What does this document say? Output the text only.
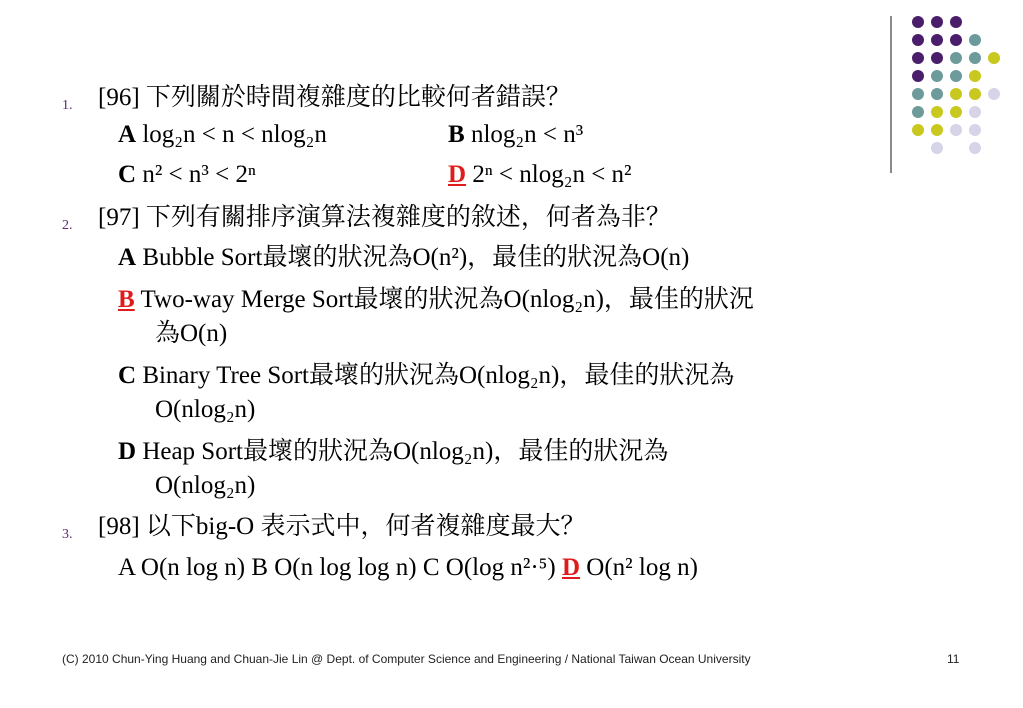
1. [96] 下列關於時間複雜度的比較何者錯誤？
A log₂n < n < nlog₂n	B nlog₂n < n³
C n² < n³ < 2ⁿ	D 2ⁿ < nlog₂n < n²
2. [97] 下列有關排序演算法複雜度的敘述，何者為非？
A Bubble Sort最壞的狀況為O(n²)，最佳的狀況為O(n)
B Two-way Merge Sort最壞的狀況為O(nlog₂n)，最佳的狀況
為O(n)
C Binary Tree Sort最壞的狀況為O(nlog₂n)，最佳的狀況為
O(nlog₂n)
D Heap Sort最壞的狀況為O(nlog₂n)，最佳的狀況為
O(nlog₂n)
3. [98] 以下big-O 表示式中，何者複雜度最大？
A O(n log n) B O(n log log n) C O(log n²·⁵) D O(n² log n)
(C) 2010 Chun-Ying Huang and Chuan-Jie Lin @ Dept. of Computer Science and Engineering / National Taiwan Ocean University	11
